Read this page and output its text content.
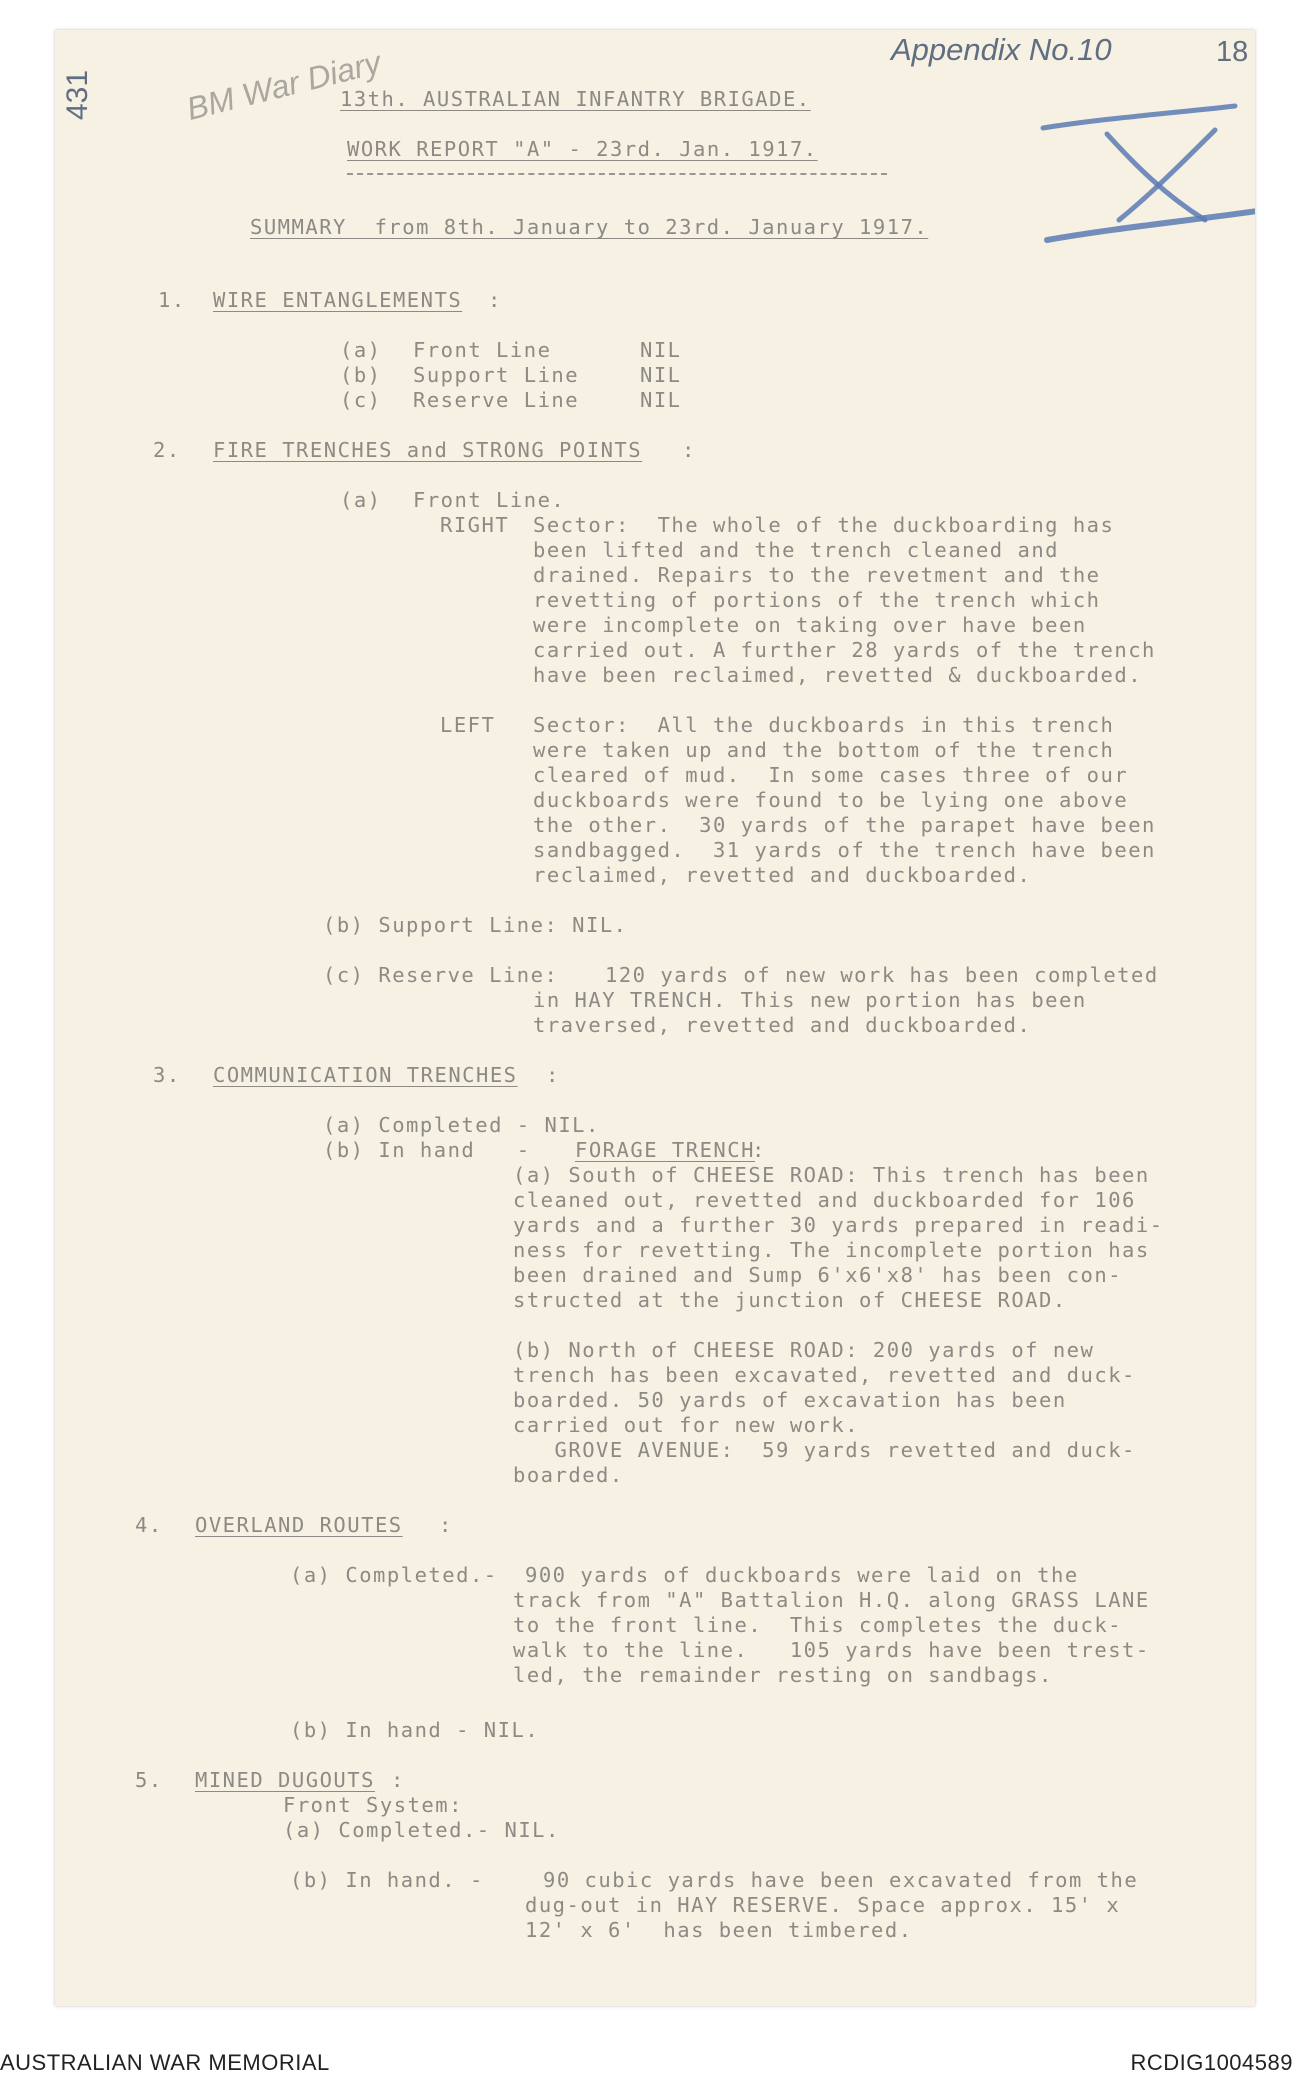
Appendix No.10	18
431	BM War Diary
13th. AUSTRALIAN INFANTRY BRIGADE.
WORK REPORT "A" - 23rd. Jan. 1917.
SUMMARY  from 8th. January to 23rd. January 1917.
1. WIRE ENTANGLEMENTS :
(a) Front Line	NIL
(b) Support Line	NIL
(c) Reserve Line	NIL
2. FIRE TRENCHES and STRONG POINTS :
(a) Front Line.
RIGHT Sector:  The whole of the duckboarding has
been lifted and the trench cleaned and
drained. Repairs to the revetment and the
revetting of portions of the trench which
were incomplete on taking over have been
carried out. A further 28 yards of the trench
have been reclaimed, revetted & duckboarded.
LEFT Sector:  All the duckboards in this trench
were taken up and the bottom of the trench
cleared of mud.  In some cases three of our
duckboards were found to be lying one above
the other.  30 yards of the parapet have been
sandbagged.  31 yards of the trench have been
reclaimed, revetted and duckboarded.
(b) Support Line: NIL.
(c) Reserve Line: 120 yards of new work has been completed
in HAY TRENCH. This new portion has been
traversed, revetted and duckboarded.
3. COMMUNICATION TRENCHES :
(a) Completed - NIL.
(b) In hand   - FORAGE TRENCH
:
(a) South of CHEESE ROAD: This trench has been
cleaned out, revetted and duckboarded for 106
yards and a further 30 yards prepared in readi-
ness for revetting. The incomplete portion has
been drained and Sump 6'x6'x8' has been con-
structed at the junction of CHEESE ROAD.
(b) North of CHEESE ROAD: 200 yards of new
trench has been excavated, revetted and duck-
boarded. 50 yards of excavation has been
carried out for new work.
GROVE AVENUE:  59 yards revetted and duck-
boarded.
4. OVERLAND ROUTES :
(a) Completed.- 900 yards of duckboards were laid on the
track from "A" Battalion H.Q. along GRASS LANE
to the front line.  This completes the duck-
walk to the line.   105 yards have been trest-
led, the remainder resting on sandbags.
(b) In hand - NIL.
5. MINED DUGOUTS :
Front System:
(a) Completed.- NIL.
(b) In hand. -	90 cubic yards have been excavated from the
dug-out in HAY RESERVE. Space approx. 15' x
12' x 6'  has been timbered.
AUSTRALIAN WAR MEMORIAL	RCDIG1004589
